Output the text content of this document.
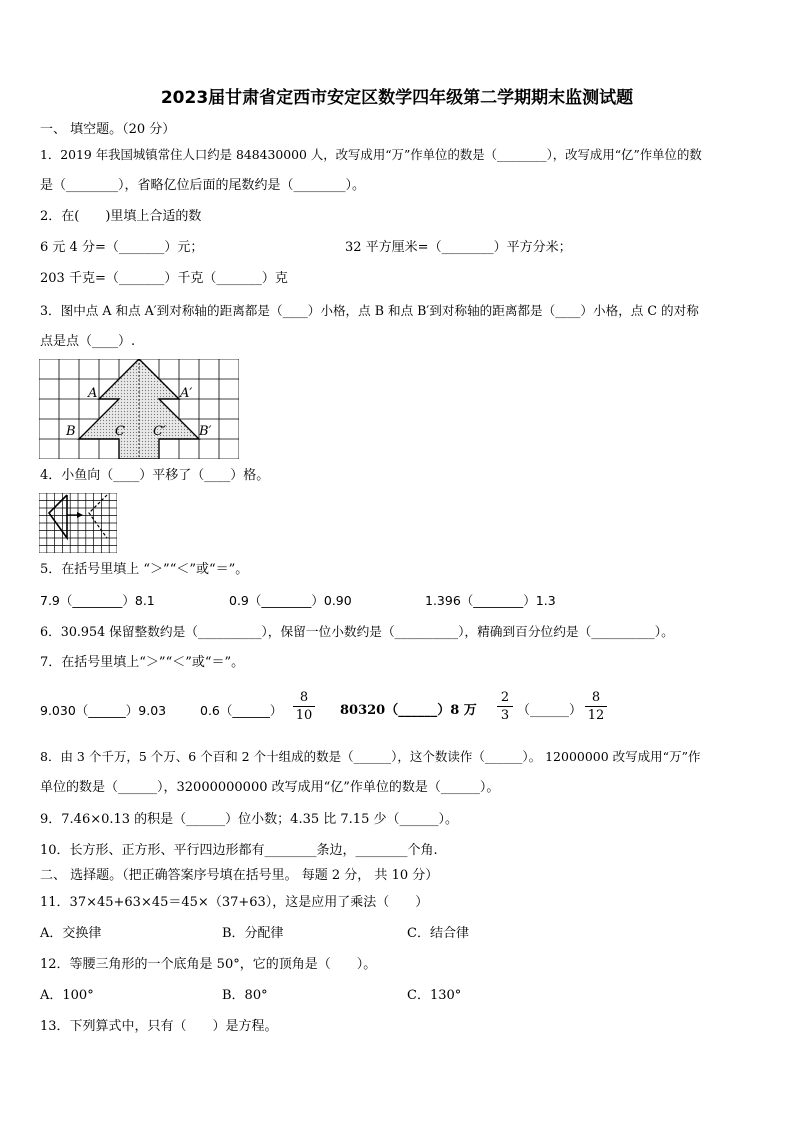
2023届甘肃省定西市安定区数学四年级第二学期期末监测试题
一、 填空题。（20 分）
1．2019 年我国城镇常住人口约是 848430000 人，改写成用“万”作单位的数是（________），改写成用“亿”作单位的数
是（________），省略亿位后面的尾数约是（________）。
2．在(　　)里填上合适的数
6 元 4 分=（_______）元；	32 平方厘米=（________）平方分米；
203 千克=（_______）千克（_______）克
3．图中点 A 和点 A′到对称轴的距离都是（____）小格，点 B 和点 B′到对称轴的距离都是（____）小格，点 C 的对称
点是点（____）.
A	A′
B	B′
C C′
4．小鱼向（____）平移了（____）格。
5．在括号里填上 “＞”“＜”或“＝”。
7.9（________）8.1	0.9（________）0.90	1.396（________）1.3
6．30.954 保留整数约是（__________），保留一位小数约是（__________），精确到百分位约是（__________）。
7．在括号里填上“＞”“＜”或“＝”。
9.030（______）9.03	0.6（______）
8
10 80320（______）8 万
2
3 （______）
8
12
8．由 3 个千万，5 个万、6 个百和 2 个十组成的数是（______），这个数读作（______）。 12000000 改写成用“万”作
单位的数是（______），32000000000 改写成用“亿”作单位的数是（______）。
9．7.46×0.13 的积是（______）位小数；4.35 比 7.15 少（______）。
10．长方形、正方形、平行四边形都有________条边，________个角.
二、 选择题。（把正确答案序号填在括号里。 每题 2 分， 共 10 分）
11．37×45+63×45＝45×（37+63），这是应用了乘法（　　）
A．交换律	B．分配律	C．结合律
12．等腰三角形的一个底角是 50°，它的顶角是（　　）。
A．100°	B．80°	C．130°
13．下列算式中，只有（　　）是方程。
